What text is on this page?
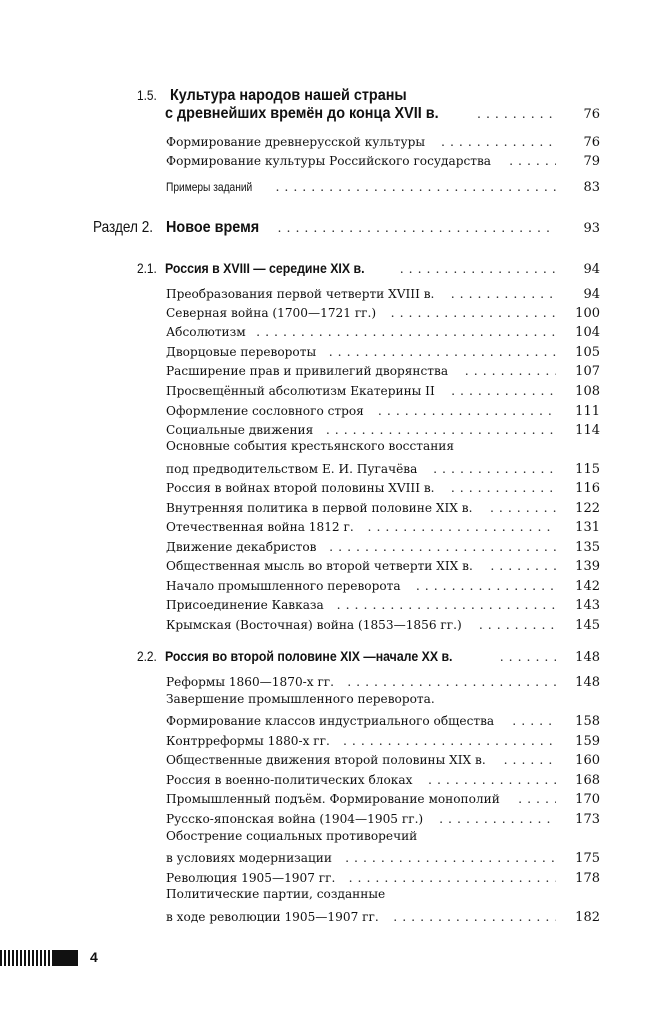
1.5. Культура народов нашей страны
с древнейших времён до конца XVII в. . . .	76
Формирование древнерусской культуры . . .	76
Формирование культуры Российского государства . . .	79
Примеры заданий . . .	83
Раздел 2. Новое время . . .	93
2.1. Россия в XVIII — середине XIX в. . . .	94
Преобразования первой четверти XVIII в. . . .	94
Северная война (1700—1721 гг.) . . .	100
Абсолютизм . . .	104
Дворцовые перевороты . . .	105
Расширение прав и привилегий дворянства . . .	107
Просвещённый абсолютизм Екатерины II . . .	108
Оформление сословного строя . . .	111
Социальные движения . . .	114
Основные события крестьянского восстания
под предводительством Е. И. Пугачёва . . .	115
Россия в войнах второй половины XVIII в. . . .	116
Внутренняя политика в первой половине XIX в. . . .	122
Отечественная война 1812 г. . . .	131
Движение декабристов . . .	135
Общественная мысль во второй четверти XIX в. . . .	139
Начало промышленного переворота . . .	142
Присоединение Кавказа . . .	143
Крымская (Восточная) война (1853—1856 гг.) . . .	145
2.2. Россия во второй половине XIX —начале XX в. . . .	148
Реформы 1860—1870-х гг. . . .	148
Завершение промышленного переворота.
Формирование классов индустриального общества . . .	158
Контрреформы 1880-х гг. . . .	159
Общественные движения второй половины XIX в. . . .	160
Россия в военно-политических блоках . . .	168
Промышленный подъём. Формирование монополий . . .	170
Русско-японская война (1904—1905 гг.) . . .	173
Обострение социальных противоречий
в условиях модернизации . . .	175
Революция 1905—1907 гг. . . .	178
Политические партии, созданные
в ходе революции 1905—1907 гг. . . .	182
4
